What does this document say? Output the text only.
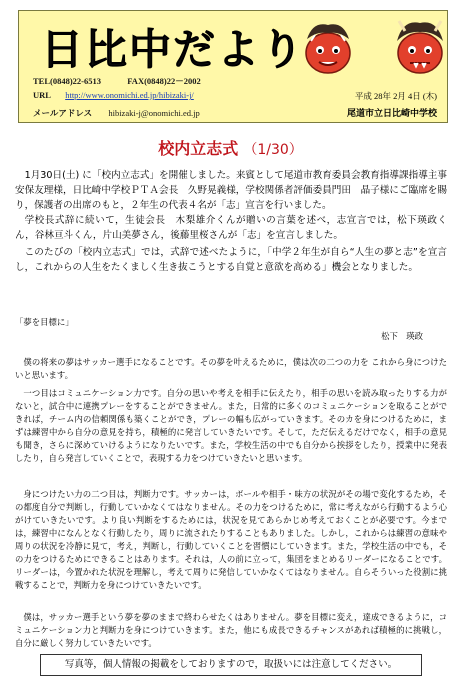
日比中だより
TEL(0848)22-6513	FAX(0848)22－2002
URL http://www.onomichi.ed.jp/hibizaki-j/
メールアドレス hibizaki-j@onomichi.ed.jp
平成 28年 2月 4日 (木)
尾道市立日比崎中学校
校内立志式 （1/30）

1月30日(土) に「校内立志式」を開催しました。来賓として尾道市教育委員会教育指導課指導主事　安保友理様，日比崎中学校ＰＴＡ会長　久野晃義様，学校関係者評価委員門田　晶子様にご臨席を賜り，保護者の出席のもと，２年生の代表４名が「志」宣言を行いました。

学校長式辞に続いて，生徒会長　木梨雄介くんが贈いの言葉を述べ，志宣言では，松下瑛政くん，谷林亘斗くん，片山美夢さん，後藤里桜さんが「志」を宣言しました。

このたびの「校内立志式」では，式辞で述べたように，「中学２年生が自ら“人生の夢と志”を宣言し，これからの人生をたくましく生き抜こうとする自覚と意欲を高める」機会となりました。

「夢を目標に」
松下　瑛政

僕の将来の夢はサッカー選手になることです。その夢を叶えるために，僕は次の二つの力を これから身につけたいと思います。

一つ目はコミュニケーション力です。自分の思いや考えを相手に伝えたり，相手の思いを読み取ったりする力がないと，試合中に連携プレーをすることができません。また，日常的に多くのコミュニケーションを取ることができれば，チーム内の信頼関係も築くことができ，プレーの幅も広がっていきます。そのカを身につけるために，まずは練習中から自分の意見を持ち，積極的に発言していきたいです。そして，ただ伝えるだけでなく，相手の意見も聞き，さらに深めていけるようになりたいです。また，学校生活の中でも自分から挨拶をしたり，授業中に発表したり，自ら発言していくことで，表現する力をつけていきたいと思います。

身につけたい力の二つ目は，判断力です。サッカーは，ボールや相手・味方の状況がその場で変化するため，その都度自分で判断し，行動していかなくてはなりません。その力をつけるために，常に考えながら行動するよう心がけていきたいです。より良い判断をするためには，状況を見てあらかじめ考えておくことが必要です。今までは，練習中になんとなく行動したり，周りに流されたりすることもありました。しかし，これからは練習の意味や周りの状況を冷静に見て，考え，判断し，行動していくことを習慣にしていきます。また，学校生活の中でも，その力をつけるためにできることはあります。それは，人の前に立って，集団をまとめるリーダーになることです。リーダーは，今置かれた状況を理解し，考えて周りに発信していかなくてはなりません。自らそういった役割に挑戦することで，判断力を身につけていきたいです。

僕は，サッカー選手という夢を夢のままで終わらせたくはありません。夢を目標に変え，達成できるように，コミュニケーション力と判断力を身につけていきます。また，他にも成長できるチャンスがあれば積極的に挑戦し，自分に厳しく努力していきたいです。

写真等，個人情報の掲載をしておりますので，取扱いには注意してください。
